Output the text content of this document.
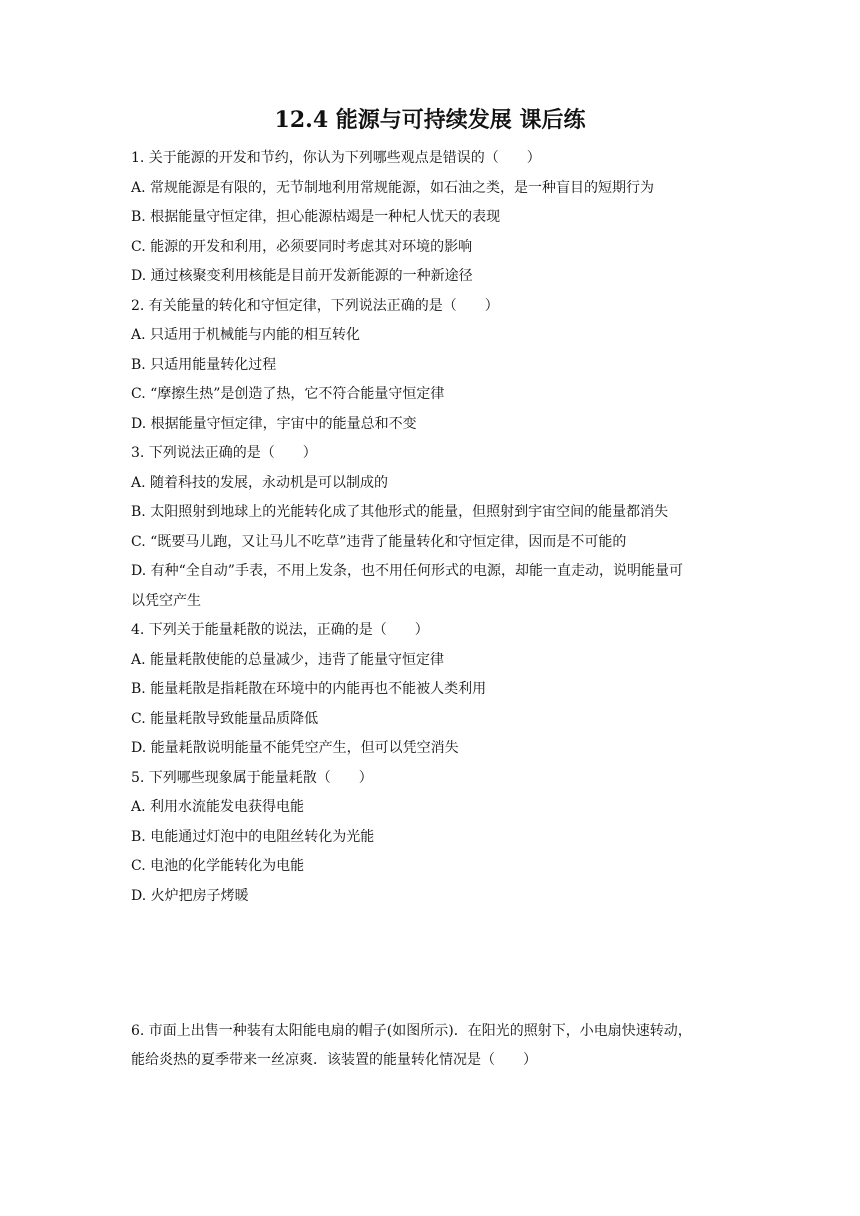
12.4 能源与可持续发展 课后练
1. 关于能源的开发和节约，你认为下列哪些观点是错误的（　　）
A. 常规能源是有限的，无节制地利用常规能源，如石油之类，是一种盲目的短期行为
B. 根据能量守恒定律，担心能源枯竭是一种杞人忧天的表现
C. 能源的开发和利用，必须要同时考虑其对环境的影响
D. 通过核聚变利用核能是目前开发新能源的一种新途径
2. 有关能量的转化和守恒定律，下列说法正确的是（　　）
A. 只适用于机械能与内能的相互转化
B. 只适用能量转化过程
C. “摩擦生热”是创造了热，它不符合能量守恒定律
D. 根据能量守恒定律，宇宙中的能量总和不变
3. 下列说法正确的是（　　）
A. 随着科技的发展，永动机是可以制成的
B. 太阳照射到地球上的光能转化成了其他形式的能量，但照射到宇宙空间的能量都消失
C. “既要马儿跑，又让马儿不吃草”违背了能量转化和守恒定律，因而是不可能的
D. 有种“全自动”手表，不用上发条，也不用任何形式的电源，却能一直走动，说明能量可
以凭空产生
4. 下列关于能量耗散的说法，正确的是（　　）
A. 能量耗散使能的总量减少，违背了能量守恒定律
B. 能量耗散是指耗散在环境中的内能再也不能被人类利用
C. 能量耗散导致能量品质降低
D. 能量耗散说明能量不能凭空产生，但可以凭空消失
5. 下列哪些现象属于能量耗散（　　）
A. 利用水流能发电获得电能
B. 电能通过灯泡中的电阻丝转化为光能
C. 电池的化学能转化为电能
D. 火炉把房子烤暖
6. 市面上出售一种装有太阳能电扇的帽子(如图所示)．在阳光的照射下，小电扇快速转动，
能给炎热的夏季带来一丝凉爽．该装置的能量转化情况是（　　）
